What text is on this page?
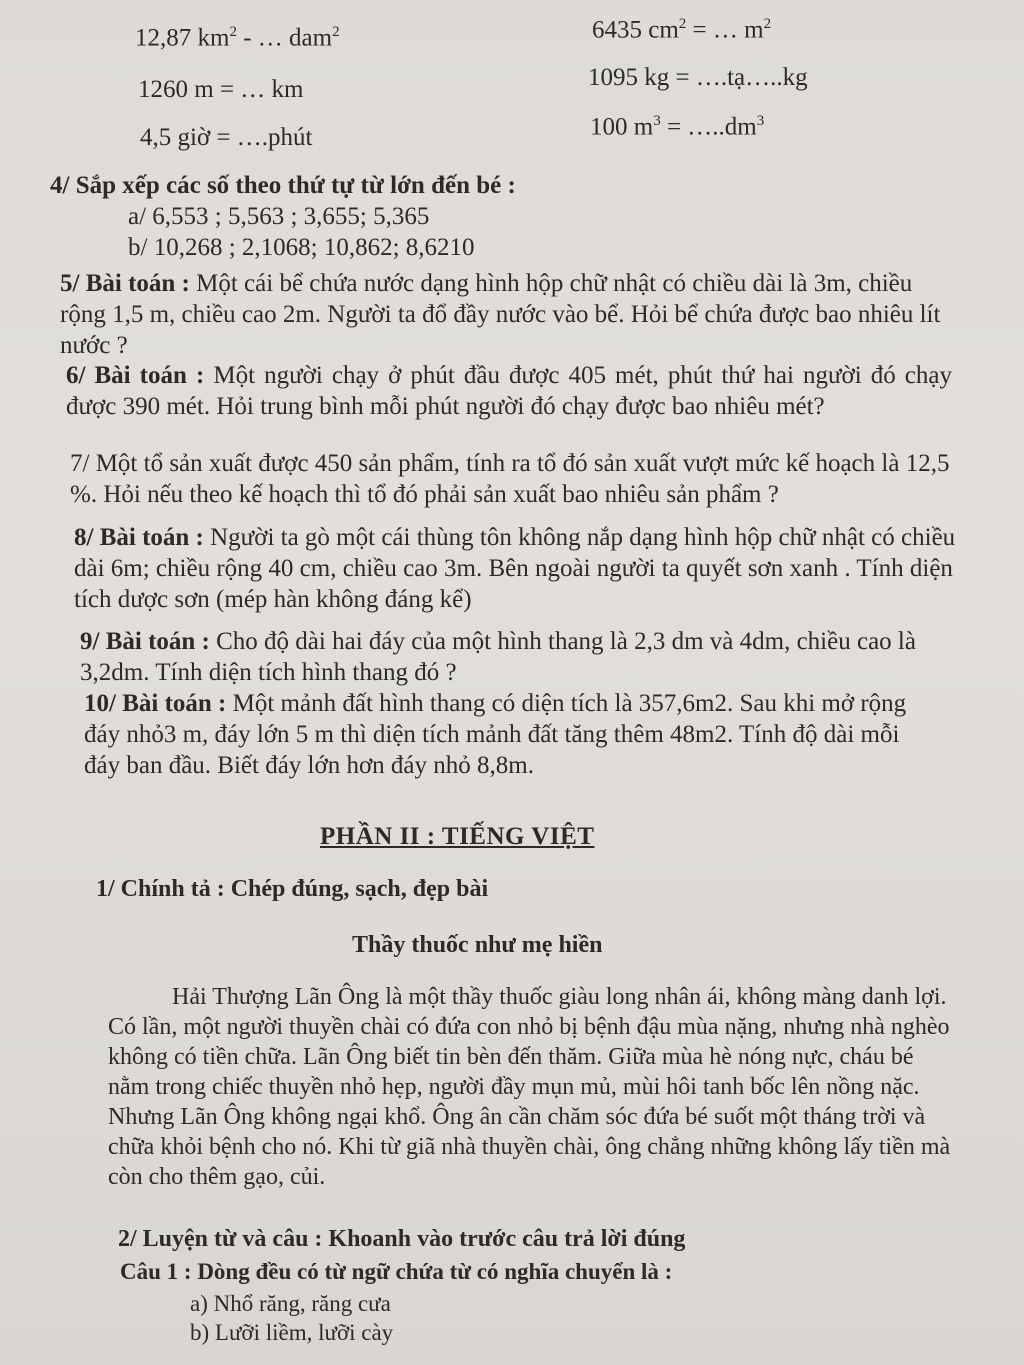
12,87 $km^2$ - … dam$^2$	6435 $cm^2$ = … $m^2$
1260 m = … km	1095 kg = ….tạ…..kg
4,5 giờ = ….phút	100 $m^3$ = $\dots..dm^3$
4/ Sắp xếp các số theo thứ tự từ lớn đến bé :
a/ 6,553 ; 5,563 ; 3,655; 5,365
b/ 10,268 ; 2,1068; 10,862; 8,6210
5/ Bài toán : Một cái bể chứa nước dạng hình hộp chữ nhật có chiều dài là 3m, chiều rộng 1,5 m, chiều cao 2m. Người ta đổ đầy nước vào bể. Hỏi bể chứa được bao nhiêu lít nước ?
6/ Bài toán : Một người chạy ở phút đầu được 405 mét, phút thứ hai người đó chạy được 390 mét. Hỏi trung bình mỗi phút người đó chạy được bao nhiêu mét?
7/ Một tổ sản xuất được 450 sản phẩm, tính ra tổ đó sản xuất vượt mức kế hoạch là 12,5 %. Hỏi nếu theo kế hoạch thì tổ đó phải sản xuất bao nhiêu sản phẩm ?
8/ Bài toán : Người ta gò một cái thùng tôn không nắp dạng hình hộp chữ nhật có chiều dài 6m; chiều rộng 40 cm, chiều cao 3m. Bên ngoài người ta quyết sơn xanh . Tính diện tích dược sơn (mép hàn không đáng kể)
9/ Bài toán : Cho độ dài hai đáy của một hình thang là 2,3 dm và 4dm, chiều cao là 3,2dm. Tính diện tích hình thang đó ?
10/ Bài toán : Một mảnh đất hình thang có diện tích là 357,6m2. Sau khi mở rộng đáy nhỏ3 m, đáy lớn 5 m thì diện tích mảnh đất tăng thêm 48m2. Tính độ dài mỗi đáy ban đầu. Biết đáy lớn hơn đáy nhỏ 8,8m.
PHẦN II : TIẾNG VIỆT
1/ Chính tả : Chép đúng, sạch, đẹp bài
Thầy thuốc như mẹ hiền
Hải Thượng Lãn Ông là một thầy thuốc giàu long nhân ái, không màng danh lợi. Có lần, một người thuyền chài có đứa con nhỏ bị bệnh đậu mùa nặng, nhưng nhà nghèo không có tiền chữa. Lãn Ông biết tin bèn đến thăm. Giữa mùa hè nóng nực, cháu bé nằm trong chiếc thuyền nhỏ hẹp, người đầy mụn mủ, mùi hôi tanh bốc lên nồng nặc. Nhưng Lãn Ông không ngại khổ. Ông ân cần chăm sóc đứa bé suốt một tháng trời và chữa khỏi bệnh cho nó. Khi từ giã nhà thuyền chài, ông chẳng những không lấy tiền mà còn cho thêm gạo, củi.
2/ Luyện từ và câu : Khoanh vào trước câu trả lời đúng
Câu 1 : Dòng đều có từ ngữ chứa từ có nghĩa chuyển là :
a) Nhổ răng, răng cưa
b) Lưỡi liềm, lưỡi cày
